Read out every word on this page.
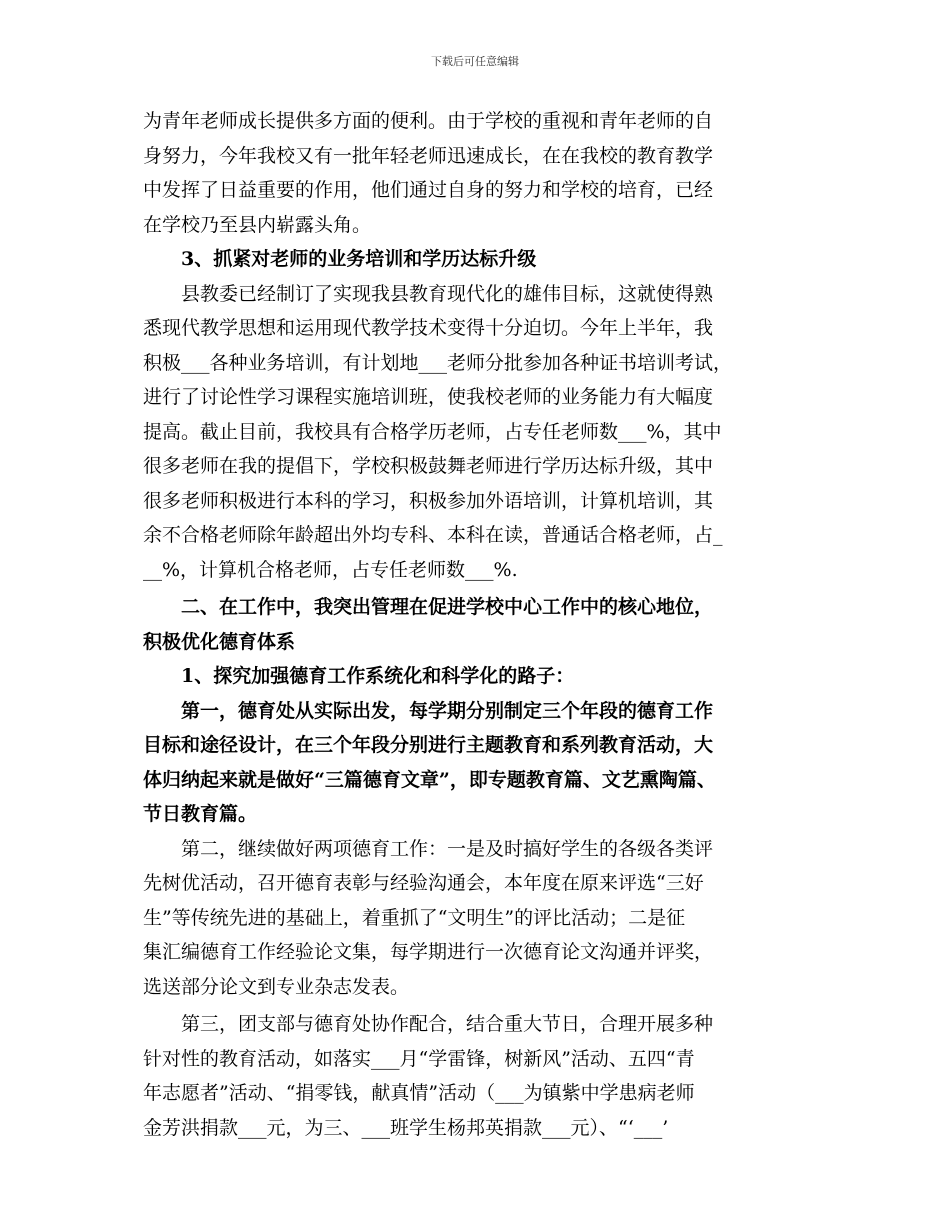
下载后可任意编辑
为青年老师成长提供多方面的便利。由于学校的重视和青年老师的自
身努力，今年我校又有一批年轻老师迅速成长，在在我校的教育教学
中发挥了日益重要的作用，他们通过自身的努力和学校的培育，已经
在学校乃至县内崭露头角。
　　3、抓紧对老师的业务培训和学历达标升级
　　县教委已经制订了实现我县教育现代化的雄伟目标，这就使得熟
悉现代教学思想和运用现代教学技术变得十分迫切。今年上半年，我
积极___各种业务培训，有计划地___老师分批参加各种证书培训考试，
进行了讨论性学习课程实施培训班，使我校老师的业务能力有大幅度
提高。截止目前，我校具有合格学历老师，占专任老师数___%，其中
很多老师在我的提倡下，学校积极鼓舞老师进行学历达标升级，其中
很多老师积极进行本科的学习，积极参加外语培训，计算机培训，其
余不合格老师除年龄超出外均专科、本科在读，普通话合格老师，占_
__%，计算机合格老师，占专任老师数___%.
　　二、在工作中，我突出管理在促进学校中心工作中的核心地位，
积极优化德育体系
　　1、探究加强德育工作系统化和科学化的路子：
　　第一，德育处从实际出发，每学期分别制定三个年段的德育工作
目标和途径设计，在三个年段分别进行主题教育和系列教育活动，大
体归纳起来就是做好“三篇德育文章”，即专题教育篇、文艺熏陶篇、
节日教育篇。
　　第二，继续做好两项德育工作：一是及时搞好学生的各级各类评
先树优活动，召开德育表彰与经验沟通会，本年度在原来评选“三好
生”等传统先进的基础上，着重抓了“文明生”的评比活动；二是征
集汇编德育工作经验论文集，每学期进行一次德育论文沟通并评奖，
选送部分论文到专业杂志发表。
　　第三，团支部与德育处协作配合，结合重大节日，合理开展多种
针对性的教育活动，如落实___月“学雷锋，树新风”活动、五四“青
年志愿者”活动、“捐零钱，献真情”活动（___为镇紫中学患病老师
金芳洪捐款___元，为三、___班学生杨邦英捐款___元）、“‘___’
